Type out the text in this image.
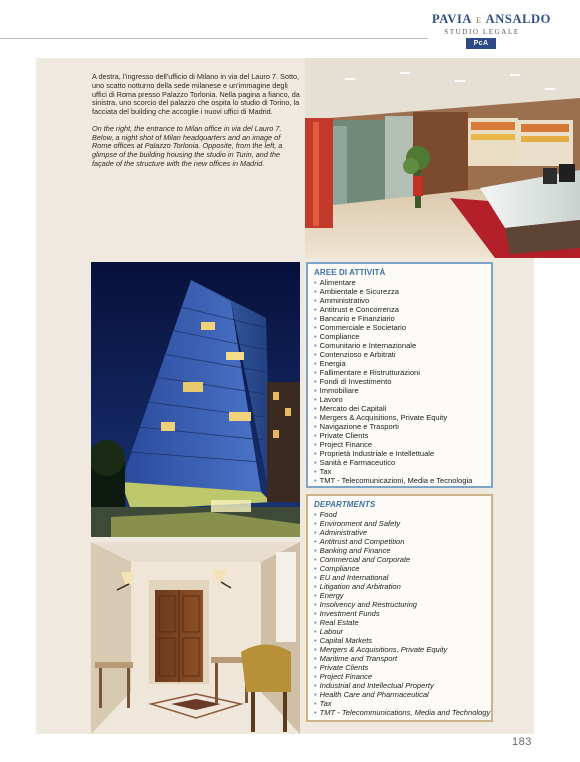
PAVIA E ANSALDO
STUDIO LEGALE
PcA

A destra, l'ingresso dell'ufficio di Milano in via del Lauro 7. Sotto, uno scatto notturno della sede milanese e un'immagine degli uffici di Roma presso Palazzo Torlonia. Nella pagina a fianco, da sinistra, uno scorcio del palazzo che ospita lo studio di Torino, la facciata del building che accoglie i nuovi uffici di Madrid.

On the right, the entrance to Milan office in via del Lauro 7. Below, a night shot of Milan headquarters and an image of Rome offices at Palazzo Torlonia. Opposite, from the left, a glimpse of the building housing the studio in Turin, and the façade of the structure with the new offices in Madrid.

AREE DI ATTIVITÀ
• Alimentare
• Ambientale e Sicurezza
• Amministrativo
• Antitrust e Concorrenza
• Bancario e Finanziario
• Commerciale e Societario
• Compliance
• Comunitario e Internazionale
• Contenzioso e Arbitrati
• Energia
• Fallimentare e Ristrutturazioni
• Fondi di Investimento
• Immobiliare
• Lavoro
• Mercato dei Capitali
• Mergers & Acquisitions, Private Equity
• Navigazione e Trasporti
• Private Clients
• Project Finance
• Proprietà Industriale e Intellettuale
• Sanità e Farmaceutico
• Tax
• TMT - Telecomunicazioni, Media e Tecnologia
DEPARTMENTS
• Food
• Environment and Safety
• Administrative
• Antitrust and Competition
• Banking and Finance
• Commercial and Corporate
• Compliance
• EU and International
• Litigation and Arbitration
• Energy
• Insolvency and Restructuring
• Investment Funds
• Real Estate
• Labour
• Capital Markets
• Mergers & Acquisitions, Private Equity
• Maritime and Transport
• Private Clients
• Project Finance
• Industrial and Intellectual Property
• Health Care and Pharmaceutical
• Tax
• TMT - Telecommunications, Media and Technology
183
